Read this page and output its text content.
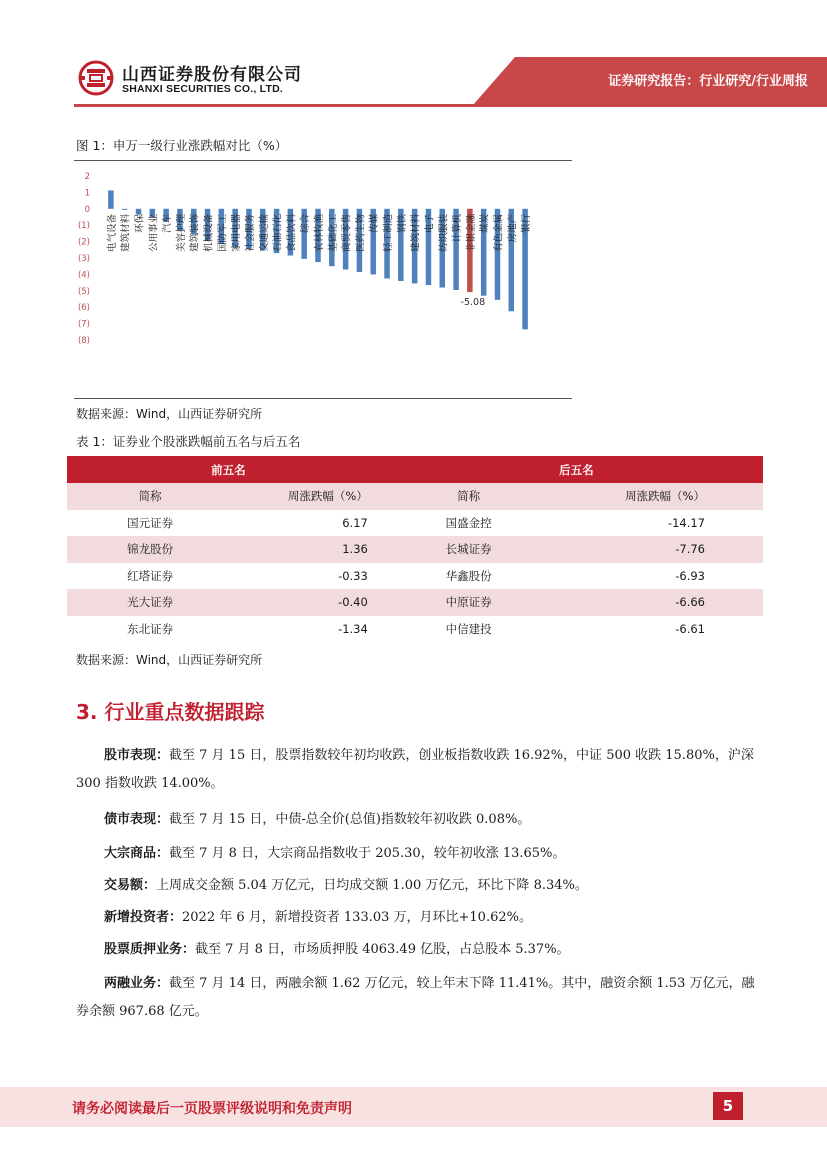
山西证券股份有限公司
SHANXI SECURITIES CO., LTD.	证券研究报告：行业研究/行业周报
图 1：申万一级行业涨跌幅对比（%）
2
1
0
(1)
(2)
(3)
(4)
(5)
(6)
(7)
(8)
电气设备 建筑材料 环保 公用事业 汽车 美容护理 建筑装饰 机械设备 国防军工 家用电器 社会服务 交通运输 石油石化 食品饮料 综合 农林牧渔 基础化工 商贸零售 医药生物 传媒 轻工制造 钢铁 建筑材料 电子 纺织服装 计算机 非银金融
-5.08
煤炭 有色金属 房地产 银行
数据来源：Wind，山西证券研究所
表 1：证券业个股涨跌幅前五名与后五名
前五名		后五名	
简称	周涨跌幅（%）	简称	周涨跌幅（%）
国元证券	6.17	国盛金控	-14.17
锦龙股份	1.36	长城证券	-7.76
红塔证券	-0.33	华鑫股份	-6.93
光大证券	-0.40	中原证券	-6.66
东北证券	-1.34	中信建投	-6.61
数据来源：Wind，山西证券研究所
3. 行业重点数据跟踪
股市表现：截至 7 月 15 日，股票指数较年初均收跌，创业板指数收跌 16.92%，中证 500 收跌 15.80%，沪深 300 指数收跌 14.00%。
债市表现：截至 7 月 15 日，中债-总全价(总值)指数较年初收跌 0.08%。
大宗商品：截至 7 月 8 日，大宗商品指数收于 205.30，较年初收涨 13.65%。
交易额：上周成交金额 5.04 万亿元，日均成交额 1.00 万亿元，环比下降 8.34%。
新增投资者：2022 年 6 月，新增投资者 133.03 万，月环比+10.62%。
股票质押业务：截至 7 月 8 日，市场质押股 4063.49 亿股，占总股本 5.37%。
两融业务：截至 7 月 14 日，两融余额 1.62 万亿元，较上年末下降 11.41%。其中，融资余额 1.53 万亿元，融券余额 967.68 亿元。
请务必阅读最后一页股票评级说明和免责声明	5
